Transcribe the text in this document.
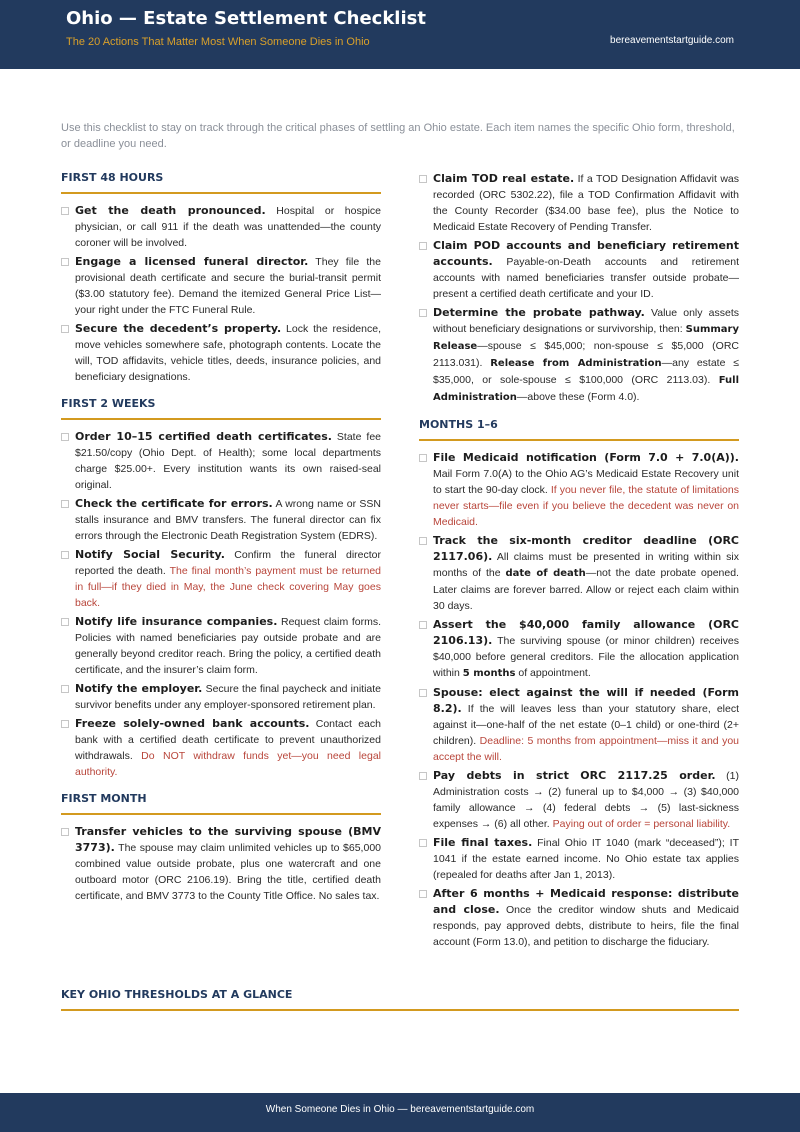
Ohio — Estate Settlement Checklist
The 20 Actions That Matter Most When Someone Dies in Ohio	bereavementstartguide.com
Use this checklist to stay on track through the critical phases of settling an Ohio estate. Each item names the specific Ohio form, threshold, or deadline you need.
FIRST 48 HOURS
Get the death pronounced. Hospital or hospice physician, or call 911 if the death was unattended—the county coroner will be involved.
Engage a licensed funeral director. They file the provisional death certificate and secure the burial-transit permit ($3.00 statutory fee). Demand the itemized General Price List—your right under the FTC Funeral Rule.
Secure the decedent’s property. Lock the residence, move vehicles somewhere safe, photograph contents. Locate the will, TOD affidavits, vehicle titles, deeds, insurance policies, and beneficiary designations.
FIRST 2 WEEKS
Order 10–15 certified death certificates. State fee $21.50/copy (Ohio Dept. of Health); some local departments charge $25.00+. Every institution wants its own raised-seal original.
Check the certificate for errors. A wrong name or SSN stalls insurance and BMV transfers. The funeral director can fix errors through the Electronic Death Registration System (EDRS).
Notify Social Security. Confirm the funeral director reported the death. The final month’s payment must be returned in full—if they died in May, the June check covering May goes back.
Notify life insurance companies. Request claim forms. Policies with named beneficiaries pay outside probate and are generally beyond creditor reach. Bring the policy, a certified death certificate, and the insurer’s claim form.
Notify the employer. Secure the final paycheck and initiate survivor benefits under any employer-sponsored retirement plan.
Freeze solely-owned bank accounts. Contact each bank with a certified death certificate to prevent unauthorized withdrawals. Do NOT withdraw funds yet—you need legal authority.
FIRST MONTH
Transfer vehicles to the surviving spouse (BMV 3773). The spouse may claim unlimited vehicles up to $65,000 combined value outside probate, plus one watercraft and one outboard motor (ORC 2106.19). Bring the title, certified death certificate, and BMV 3773 to the County Title Office. No sales tax.
Claim TOD real estate. If a TOD Designation Affidavit was recorded (ORC 5302.22), file a TOD Confirmation Affidavit with the County Recorder ($34.00 base fee), plus the Notice to Medicaid Estate Recovery of Pending Transfer.
Claim POD accounts and beneficiary retirement accounts. Payable-on-Death accounts and retirement accounts with named beneficiaries transfer outside probate—present a certified death certificate and your ID.
Determine the probate pathway. Value only assets without beneficiary designations or survivorship, then: Summary Release—spouse ≤ $45,000; non-spouse ≤ $5,000 (ORC 2113.031). Release from Administration—any estate ≤ $35,000, or sole-spouse ≤ $100,000 (ORC 2113.03). Full Administration—above these (Form 4.0).
MONTHS 1–6
File Medicaid notification (Form 7.0 + 7.0(A)). Mail Form 7.0(A) to the Ohio AG’s Medicaid Estate Recovery unit to start the 90-day clock. If you never file, the statute of limitations never starts—file even if you believe the decedent was never on Medicaid.
Track the six-month creditor deadline (ORC 2117.06). All claims must be presented in writing within six months of the date of death—not the date probate opened. Later claims are forever barred. Allow or reject each claim within 30 days.
Assert the $40,000 family allowance (ORC 2106.13). The surviving spouse (or minor children) receives $40,000 before general creditors. File the allocation application within 5 months of appointment.
Spouse: elect against the will if needed (Form 8.2). If the will leaves less than your statutory share, elect against it—one-half of the net estate (0–1 child) or one-third (2+ children). Deadline: 5 months from appointment—miss it and you accept the will.
Pay debts in strict ORC 2117.25 order. (1) Administration costs → (2) funeral up to $4,000 → (3) $40,000 family allowance → (4) federal debts → (5) last-sickness expenses → (6) all other. Paying out of order = personal liability.
File final taxes. Final Ohio IT 1040 (mark “deceased”); IT 1041 if the estate earned income. No Ohio estate tax applies (repealed for deaths after Jan 1, 2013).
After 6 months + Medicaid response: distribute and close. Once the creditor window shuts and Medicaid responds, pay approved debts, distribute to heirs, file the final account (Form 13.0), and petition to discharge the fiduciary.
KEY OHIO THRESHOLDS AT A GLANCE
When Someone Dies in Ohio — bereavementstartguide.com
